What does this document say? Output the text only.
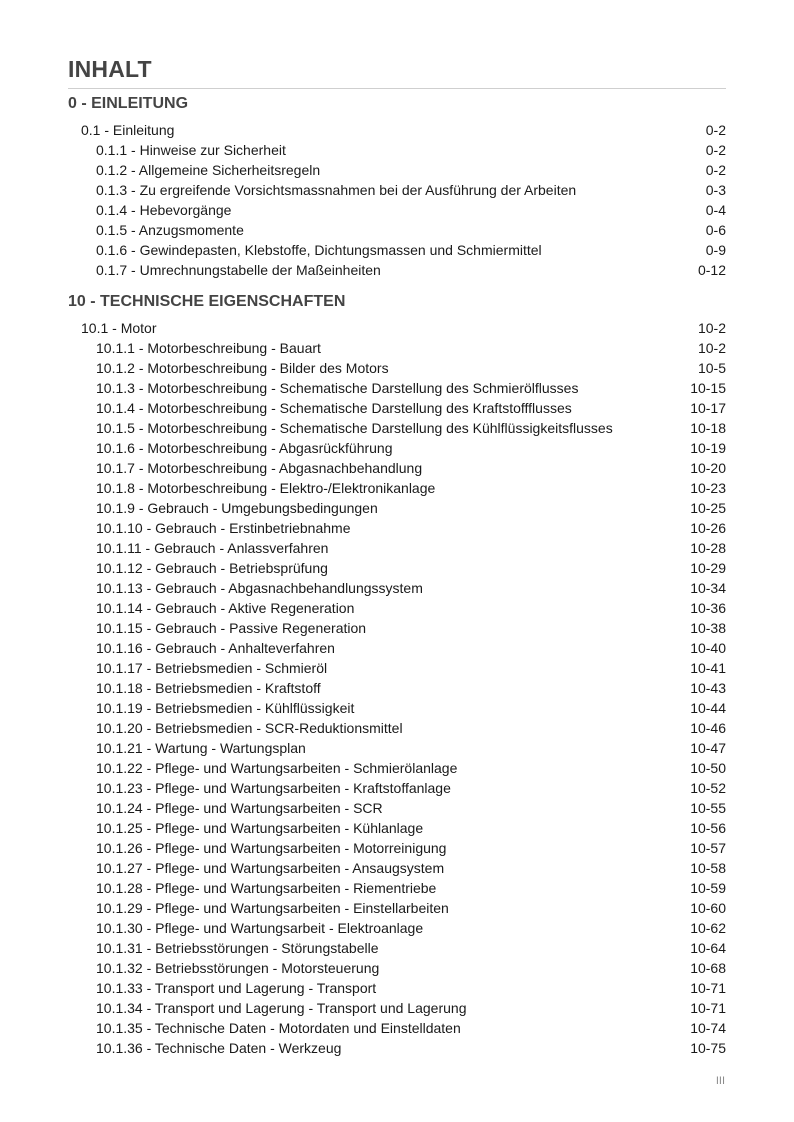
INHALT
0 - EINLEITUNG
0.1 - Einleitung	0-2
0.1.1 - Hinweise zur Sicherheit	0-2
0.1.2 - Allgemeine Sicherheitsregeln	0-2
0.1.3 - Zu ergreifende Vorsichtsmassnahmen bei der Ausführung der Arbeiten	0-3
0.1.4 - Hebevorgänge	0-4
0.1.5 - Anzugsmomente	0-6
0.1.6 - Gewindepasten, Klebstoffe, Dichtungsmassen und Schmiermittel	0-9
0.1.7 - Umrechnungstabelle der Maßeinheiten	0-12
10 - TECHNISCHE EIGENSCHAFTEN
10.1 - Motor	10-2
10.1.1 - Motorbeschreibung - Bauart	10-2
10.1.2 - Motorbeschreibung - Bilder des Motors	10-5
10.1.3 - Motorbeschreibung - Schematische Darstellung des Schmierölflusses	10-15
10.1.4 - Motorbeschreibung - Schematische Darstellung des Kraftstoffflusses	10-17
10.1.5 - Motorbeschreibung - Schematische Darstellung des Kühlflüssigkeitsflusses	10-18
10.1.6 - Motorbeschreibung - Abgasrückführung	10-19
10.1.7 - Motorbeschreibung - Abgasnachbehandlung	10-20
10.1.8 - Motorbeschreibung - Elektro-/Elektronikanlage	10-23
10.1.9 - Gebrauch - Umgebungsbedingungen	10-25
10.1.10 - Gebrauch - Erstinbetriebnahme	10-26
10.1.11 - Gebrauch - Anlassverfahren	10-28
10.1.12 - Gebrauch - Betriebsprüfung	10-29
10.1.13 - Gebrauch - Abgasnachbehandlungssystem	10-34
10.1.14 - Gebrauch - Aktive Regeneration	10-36
10.1.15 - Gebrauch - Passive Regeneration	10-38
10.1.16 - Gebrauch - Anhalteverfahren	10-40
10.1.17 - Betriebsmedien - Schmieröl	10-41
10.1.18 - Betriebsmedien - Kraftstoff	10-43
10.1.19 - Betriebsmedien - Kühlflüssigkeit	10-44
10.1.20 - Betriebsmedien - SCR-Reduktionsmittel	10-46
10.1.21 - Wartung - Wartungsplan	10-47
10.1.22 - Pflege- und Wartungsarbeiten - Schmierölanlage	10-50
10.1.23 - Pflege- und Wartungsarbeiten - Kraftstoffanlage	10-52
10.1.24 - Pflege- und Wartungsarbeiten - SCR	10-55
10.1.25 - Pflege- und Wartungsarbeiten - Kühlanlage	10-56
10.1.26 - Pflege- und Wartungsarbeiten - Motorreinigung	10-57
10.1.27 - Pflege- und Wartungsarbeiten - Ansaugsystem	10-58
10.1.28 - Pflege- und Wartungsarbeiten - Riementriebe	10-59
10.1.29 - Pflege- und Wartungsarbeiten - Einstellarbeiten	10-60
10.1.30 - Pflege- und Wartungsarbeit - Elektroanlage	10-62
10.1.31 - Betriebsstörungen - Störungstabelle	10-64
10.1.32 - Betriebsstörungen - Motorsteuerung	10-68
10.1.33 - Transport und Lagerung - Transport	10-71
10.1.34 - Transport und Lagerung - Transport und Lagerung	10-71
10.1.35 - Technische Daten - Motordaten und Einstelldaten	10-74
10.1.36 - Technische Daten - Werkzeug	10-75
III
